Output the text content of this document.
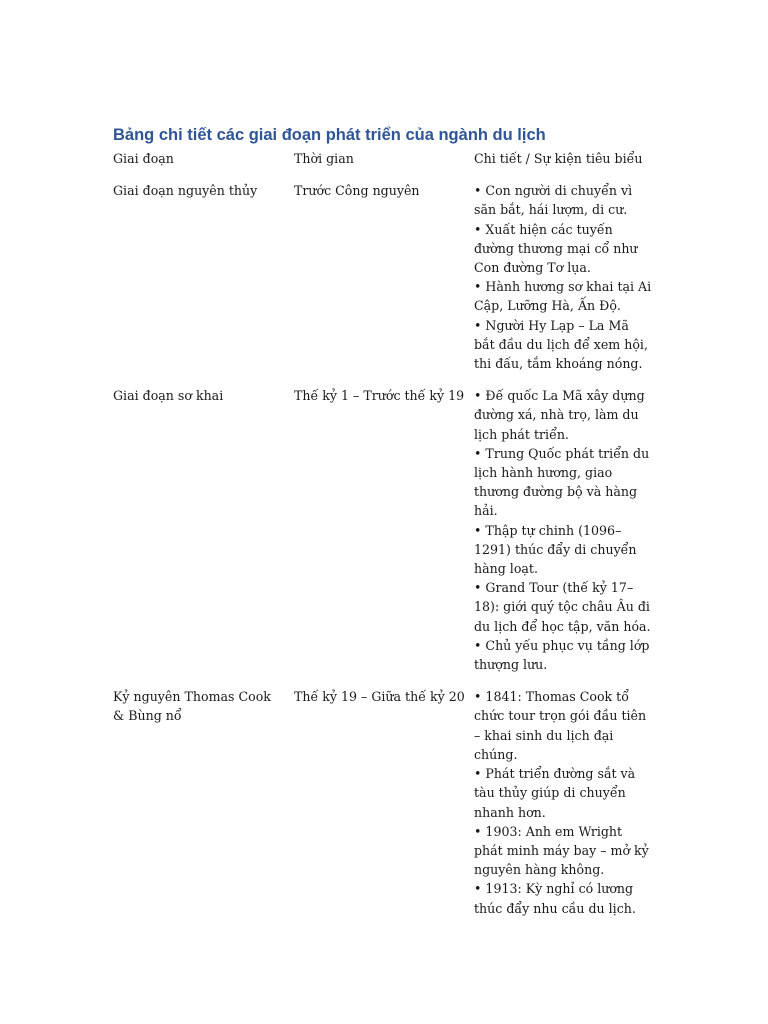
Bảng chi tiết các giai đoạn phát triển của ngành du lịch
Giai đoạn	Thời gian	Chi tiết / Sự kiện tiêu biểu

Giai đoạn nguyên thủy	Trước Công nguyên	• Con người di chuyển vì săn bắt, hái lượm, di cư.
• Xuất hiện các tuyến đường thương mại cổ như Con đường Tơ lụa.
• Hành hương sơ khai tại Ai Cập, Lưỡng Hà, Ấn Độ.
• Người Hy Lạp – La Mã bắt đầu du lịch để xem hội, thi đấu, tắm khoáng nóng.

Giai đoạn sơ khai	Thế kỷ 1 – Trước thế kỷ 19	• Đế quốc La Mã xây dựng đường xá, nhà trọ, làm du lịch phát triển.
• Trung Quốc phát triển du lịch hành hương, giao thương đường bộ và hàng hải.
• Thập tự chinh (1096–1291) thúc đẩy di chuyển hàng loạt.
• Grand Tour (thế kỷ 17–18): giới quý tộc châu Âu đi du lịch để học tập, văn hóa.
• Chủ yếu phục vụ tầng lớp thượng lưu.

Kỷ nguyên Thomas Cook & Bùng nổ	Thế kỷ 19 – Giữa thế kỷ 20	• 1841: Thomas Cook tổ chức tour trọn gói đầu tiên – khai sinh du lịch đại chúng.
• Phát triển đường sắt và tàu thủy giúp di chuyển nhanh hơn.
• 1903: Anh em Wright phát minh máy bay – mở kỷ nguyên hàng không.
• 1913: Kỳ nghỉ có lương thúc đẩy nhu cầu du lịch.
